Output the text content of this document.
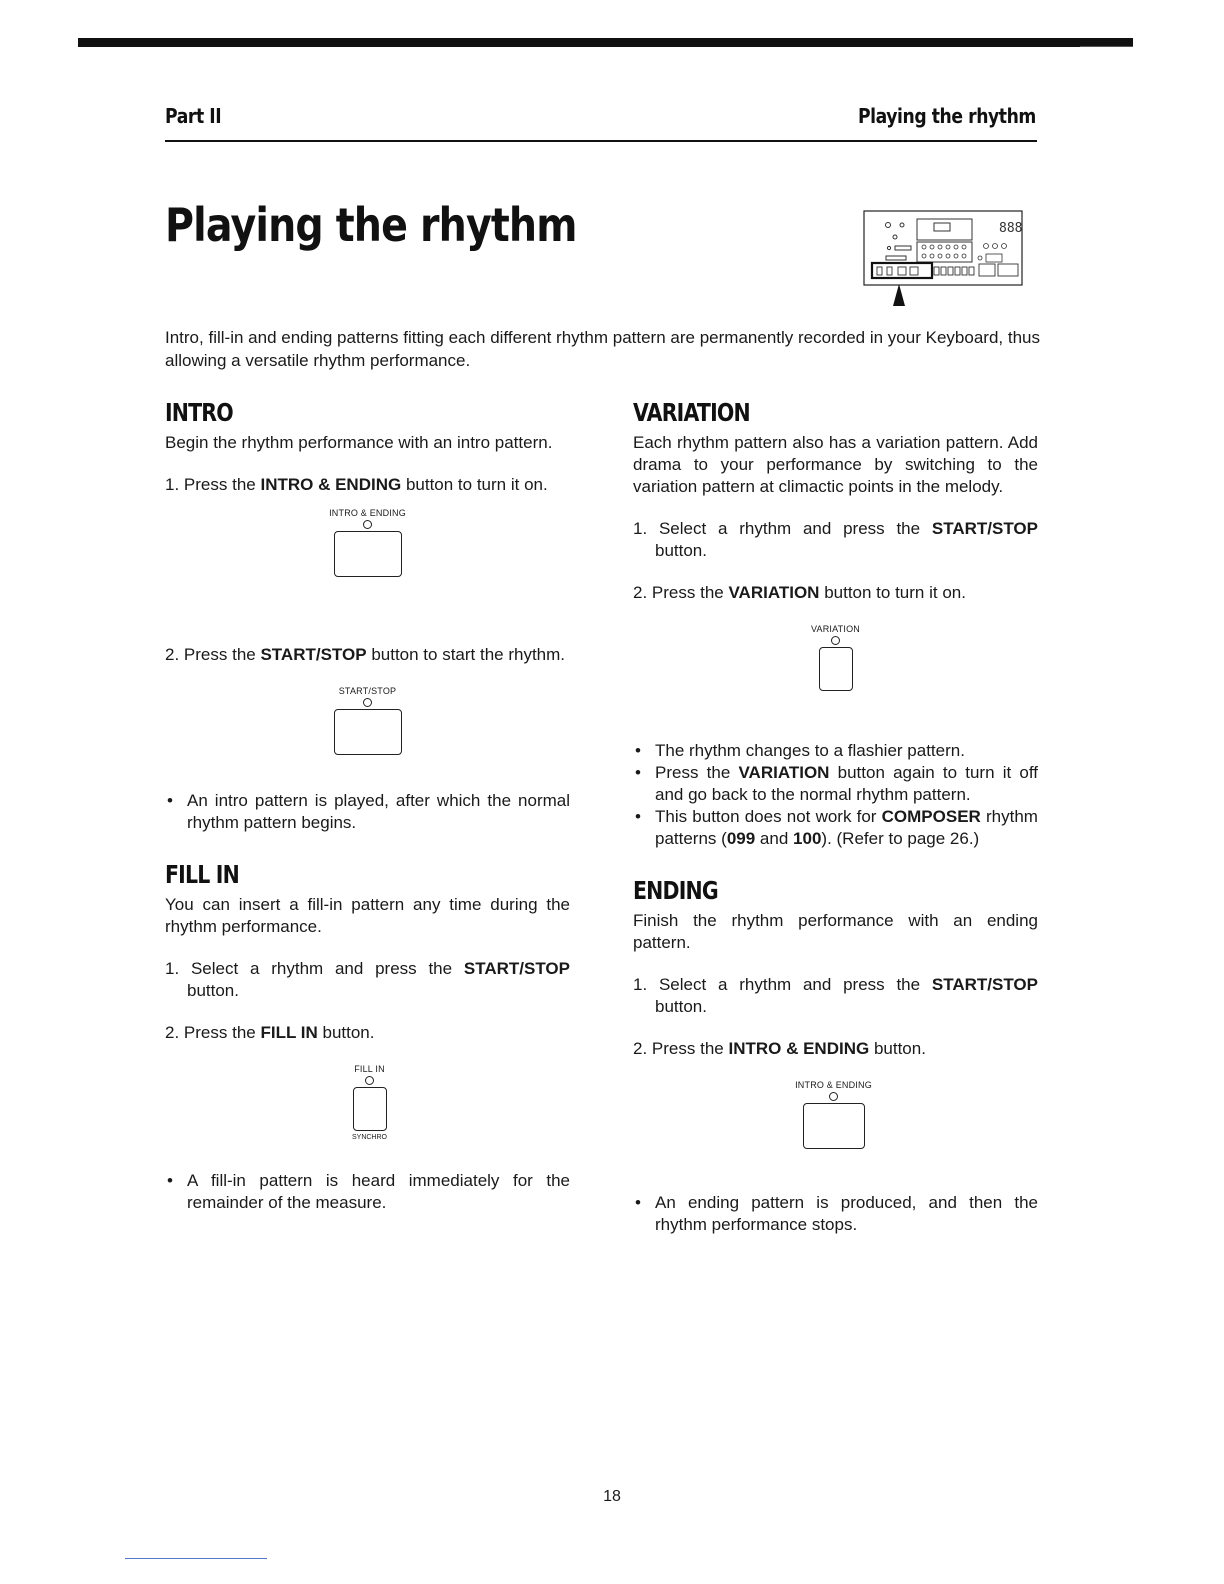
Part II	Playing the rhythm
Playing the rhythm	888

Intro, fill-in and ending patterns fitting each different rhythm pattern are permanently recorded in your Keyboard, thus allowing a versatile rhythm performance.

INTRO

Begin the rhythm performance with an intro pattern.

1. Press the INTRO & ENDING button to turn it on.

INTRO & ENDING

2. Press the START/STOP button to start the rhythm.

START/STOP

• An intro pattern is played, after which the normal rhythm pattern begins.

FILL IN

You can insert a fill-in pattern any time during the rhythm performance.

1. Select a rhythm and press the START/STOP button.

2. Press the FILL IN button.

FILL IN
SYNCHRO

• A fill-in pattern is heard immediately for the remainder of the measure.

VARIATION

Each rhythm pattern also has a variation pattern. Add drama to your performance by switching to the variation pattern at climactic points in the melody.

1. Select a rhythm and press the START/STOP button.

2. Press the VARIATION button to turn it on.

VARIATION

• The rhythm changes to a flashier pattern.

• Press the VARIATION button again to turn it off and go back to the normal rhythm pattern.

• This button does not work for COMPOSER rhythm patterns (099 and 100). (Refer to page 26.)

ENDING

Finish the rhythm performance with an ending pattern.

1. Select a rhythm and press the START/STOP button.

2. Press the INTRO & ENDING button.

INTRO & ENDING

• An ending pattern is produced, and then the rhythm performance stops.

18
